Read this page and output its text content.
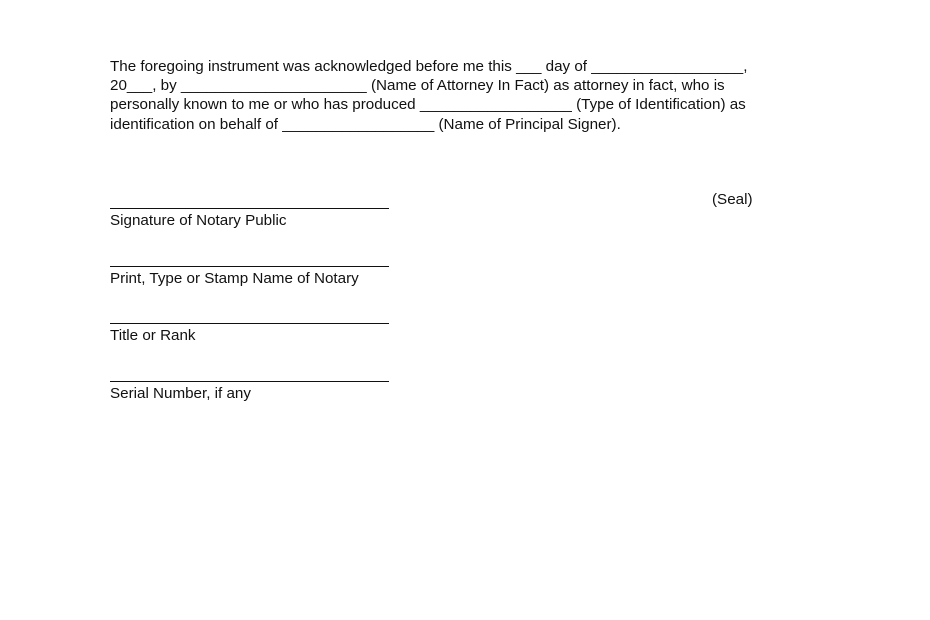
The foregoing instrument was acknowledged before me this ___ day of __________________,
20___, by ______________________ (Name of Attorney In Fact) as attorney in fact, who is
personally known to me or who has produced __________________ (Type of Identification) as
identification on behalf of __________________ (Name of Principal Signer).
(Seal)
Signature of Notary Public
Print, Type or Stamp Name of Notary
Title or Rank
Serial Number, if any
